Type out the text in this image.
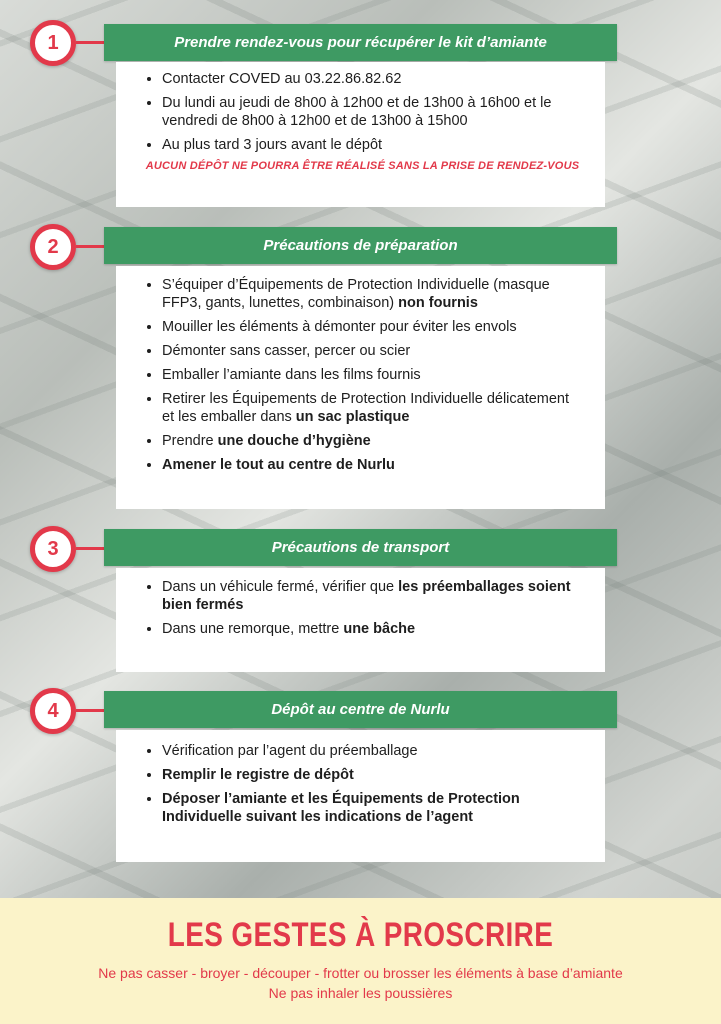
1	Prendre rendez-vous pour récupérer le kit d’amiante
• Contacter COVED au 03.22.86.82.62
• Du lundi au jeudi de 8h00 à 12h00 et de 13h00 à 16h00 et le vendredi de 8h00 à 12h00 et de 13h00 à 15h00
• Au plus tard 3 jours avant le dépôt
AUCUN DÉPÔT NE POURRA ÊTRE RÉALISÉ SANS LA PRISE DE RENDEZ-VOUS
2	Précautions de préparation
• S’équiper d’Équipements de Protection Individuelle (masque FFP3, gants, lunettes, combinaison) non fournis
• Mouiller les éléments à démonter pour éviter les envols
• Démonter sans casser, percer ou scier
• Emballer l’amiante dans les films fournis
• Retirer les Équipements de Protection Individuelle délicatement et les emballer dans un sac plastique
• Prendre une douche d’hygiène
• Amener le tout au centre de Nurlu
3	Précautions de transport
• Dans un véhicule fermé, vérifier que les préemballages soient bien fermés
• Dans une remorque, mettre une bâche
4	Dépôt au centre de Nurlu
• Vérification par l’agent du préemballage
• Remplir le registre de dépôt
• Déposer l’amiante et les Équipements de Protection Individuelle suivant les indications de l’agent
LES GESTES À PROSCRIRE
Ne pas casser - broyer - découper - frotter ou brosser les éléments à base d’amiante
Ne pas inhaler les poussières
